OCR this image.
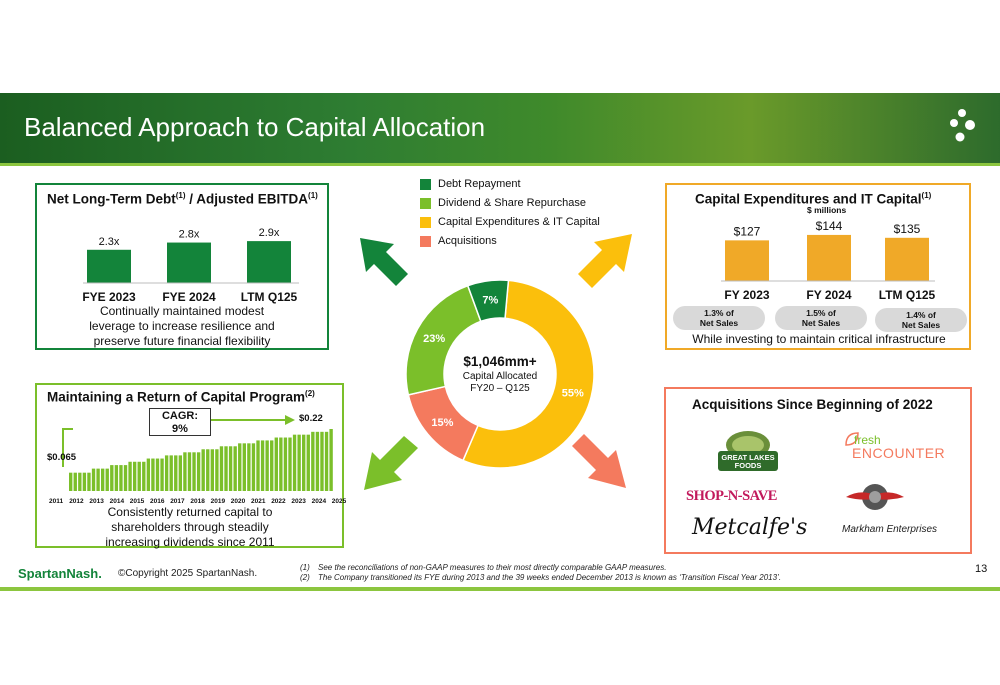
Balanced Approach to Capital Allocation
Net Long-Term Debt$^{(1)}$ / Adjusted EBITDA$^{(1)}$
2.3x
FYE 2023
2.8x
FYE 2024
2.9x
LTM Q125
Continually maintained modest
leverage to increase resilience and
preserve future financial flexibility
Capital Expenditures and IT Capital$^{(1)}$
$ millions
$127
FY 2023
$144
FY 2024
$135
LTM Q125
1.3% of
Net Sales
1.5% of
Net Sales
1.4% of
Net Sales
While investing to maintain critical infrastructure
Maintaining a Return of Capital Program$^{(2)}$
2011 2012 2013 2014 2015 2016 2017 2018 2019 2020 2021 2022 2023 2024 2025
CAGR:
9%
$0.065
$0.22
Consistently returned capital to
shareholders through steadily
increasing dividends since 2011
Acquisitions Since Beginning of 2022
GREAT LAKES
FOODS
fresh
ENCOUNTER
SHOP-N-SAVE
Markham Enterprises
Metcalfe's
Debt Repayment
Dividend & Share Repurchase
Capital Expenditures & IT Capital
Acquisitions
55%
15%
23%
7%
$1,046mm+
Capital Allocated
FY20 – Q125
SpartanNash. ©Copyright 2025 SpartanNash.
(1) See the reconciliations of non-GAAP measures to their most directly comparable GAAP measures.
(2) The Company transitioned its FYE during 2013 and the 39 weeks ended December 2013 is known as ‘Transition Fiscal Year 2013’.
13
